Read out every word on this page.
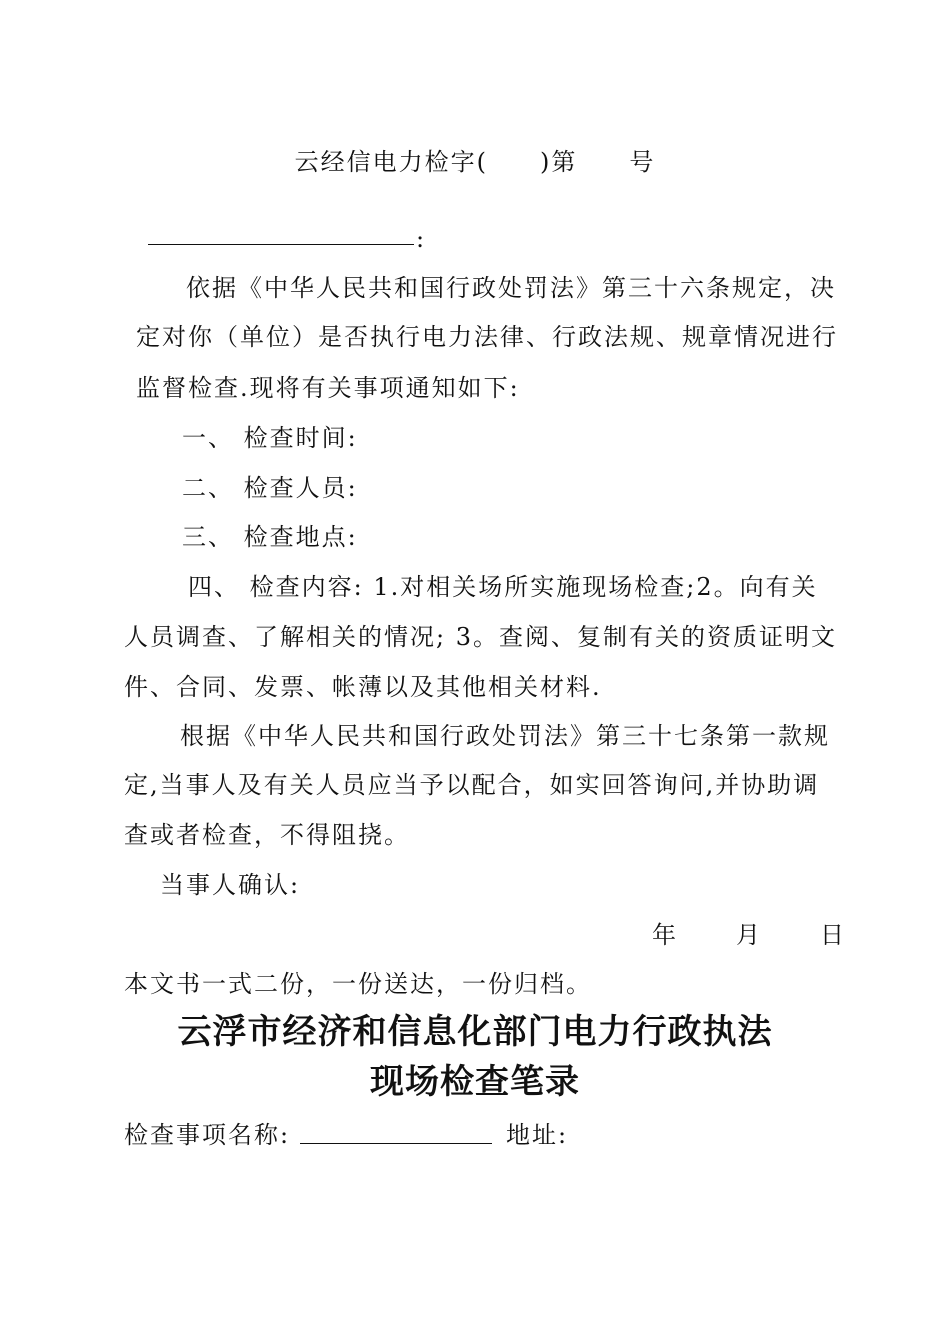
云经信电力检字(　　)第　　号
:
依据《中华人民共和国行政处罚法》第三十六条规定，决
定对你（单位）是否执行电力法律、行政法规、规章情况进行
监督检查.现将有关事项通知如下:
一、 检查时间:
二、 检查人员:
三、 检查地点:
四、 检查内容: 1.对相关场所实施现场检查;2。向有关
人员调查、了解相关的情况; 3。查阅、复制有关的资质证明文
件、合同、发票、帐薄以及其他相关材料.
根据《中华人民共和国行政处罚法》第三十七条第一款规
定,当事人及有关人员应当予以配合，如实回答询问,并协助调
查或者检查，不得阻挠。
当事人确认:
年　　月　　日
本文书一式二份，一份送达，一份归档。
云浮市经济和信息化部门电力行政执法
现场检查笔录
检查事项名称:	地址:
